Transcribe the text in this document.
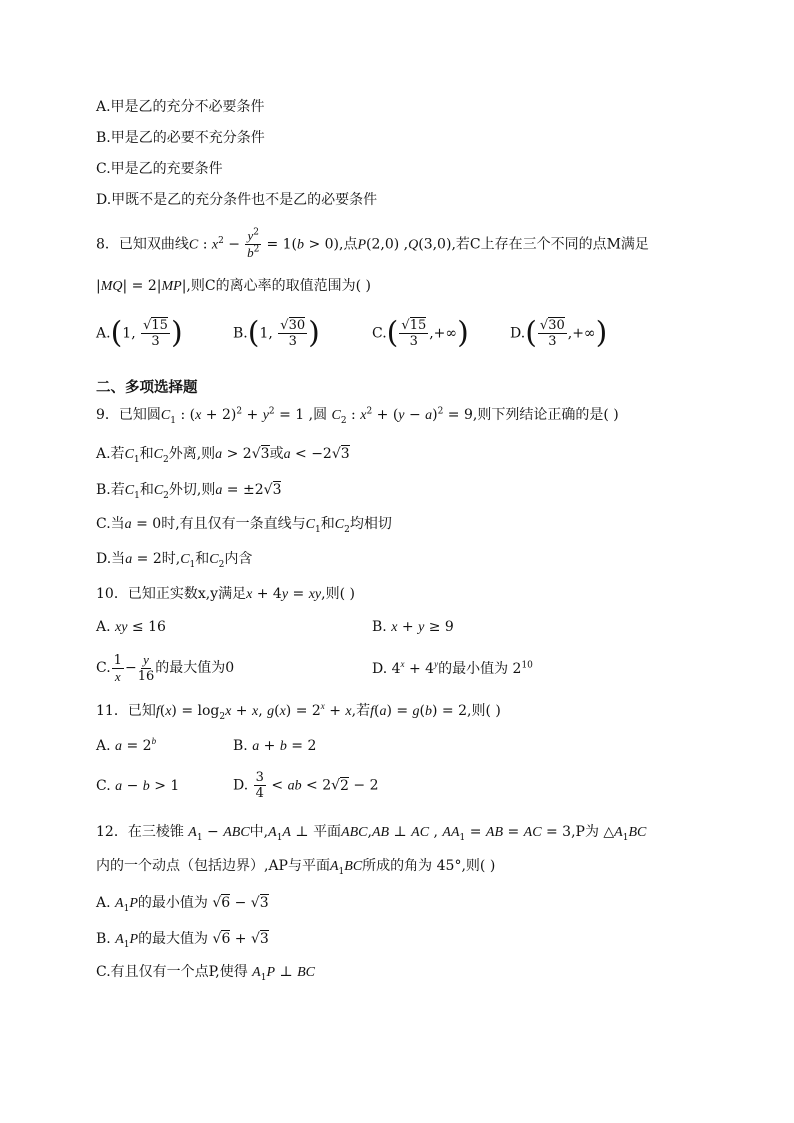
A.甲是乙的充分不必要条件
B.甲是乙的必要不充分条件
C.甲是乙的充要条件
D.甲既不是乙的充分条件也不是乙的必要条件
8．已知双曲线C : $x^2 - \frac{y^2}{b^2} = 1(b > 0)$,点P(2,0) ,Q(3,0),若C上存在三个不同的点M满足
|MQ| = 2|MP|,则C的离心率的取值范围为( )
A.(1, $\frac{√15}{3}$ )	B.(1, $\frac{√30}{3}$ )	$C.( \frac{√15}{3}$ ,+∞)	$D.( \frac{√30}{3}$ ,+∞)
二、多项选择题
9．已知圆$C_1$ : $(x + 2)^2 + y^2 = 1$ ,圆 $C_2$ : $x^2 + (y - a)^2 = 9$,则下列结论正确的是( )
A.若$C_1$和$C_2$外离,则a > 2√3或a < −2√3
B.若$C_1$和$C_2$外切,则a = ±2√3
C.当a = 0时,有且仅有一条直线与$C_1$和$C_2$均相切
D.当a = 2时$,C_1$和$C_2$内含
10．已知正实数x,y满足x + 4y = xy,则( )
A. xy ≤ 16	B. x + y ≥ 9
C. $\frac{1}{x} - \frac{y}{16}$ 的最大值为0	D. $4^x + 4^y$的最小值为 $2^{10}$
11．已知$f(x) = \log_2x + x$, $g(x) = 2^x + x$,若f(a) = g(b) = 2,则( )
A. $a = 2^b$	B. a + b = 2
C. a − b > 1	D. $\frac{3}{4}$ < ab < 2√2 − 2
12．在三棱锥 $A_1$ − ABC中$,A_1A$ ⊥ 平面ABC,AB ⊥ AC , $AA_1$ = AB = AC = 3,P为 $\triangle A_1BC$
内的一个动点（包括边界）,AP与平面$A_1BC$所成的角为 45°,则( )
A. $A_1P$的最小值为 √6 − √3
B. $A_1P$的最大值为 √6 + √3
C.有且仅有一个点P,使得 $A_1P$ ⊥ BC
